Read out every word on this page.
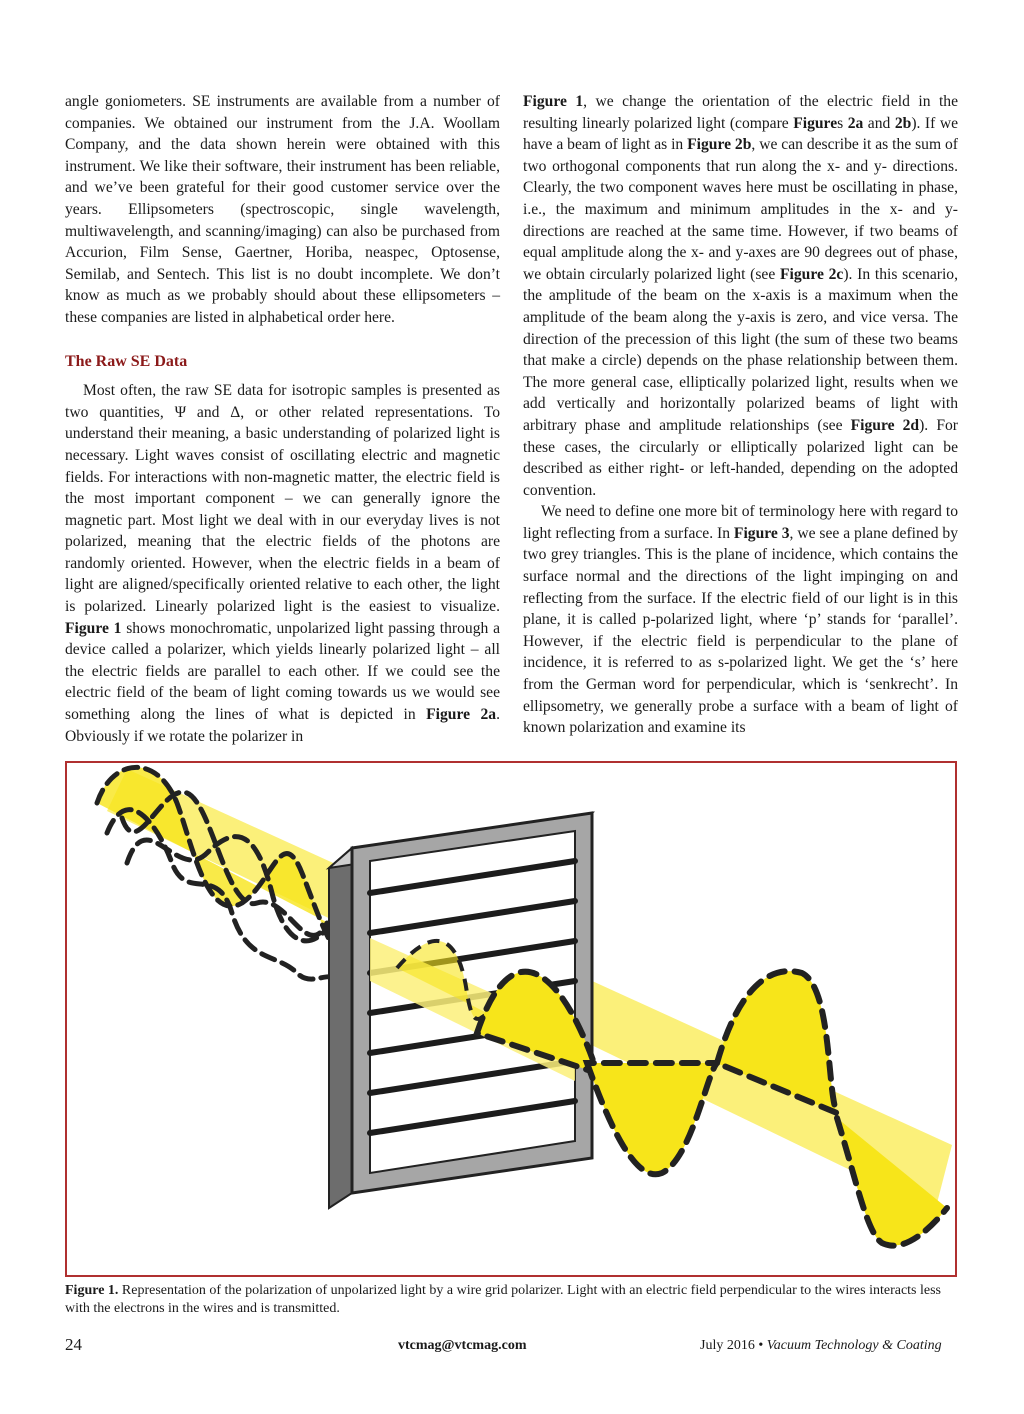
angle goniometers. SE instruments are available from a number of companies. We obtained our instrument from the J.A. Woollam Company, and the data shown herein were obtained with this instrument. We like their software, their instrument has been reliable, and we’ve been grateful for their good customer service over the years. Ellipsometers (spectroscopic, single wavelength, multiwavelength, and scanning/imaging) can also be purchased from Accurion, Film Sense, Gaertner, Horiba, neaspec, Optosense, Semilab, and Sentech. This list is no doubt incomplete. We don’t know as much as we probably should about these ellipsometers – these companies are listed in alphabetical order here.

The Raw SE Data

Most often, the raw SE data for isotropic samples is presented as two quantities, Ψ and Δ, or other related representations. To understand their meaning, a basic understanding of polarized light is necessary. Light waves consist of oscillating electric and magnetic fields. For interactions with non-magnetic matter, the electric field is the most important component – we can generally ignore the magnetic part. Most light we deal with in our everyday lives is not polarized, meaning that the electric fields of the photons are randomly oriented. However, when the electric fields in a beam of light are aligned/specifically oriented relative to each other, the light is polarized. Linearly polarized light is the easiest to visualize. Figure 1 shows monochromatic, unpolarized light passing through a device called a polarizer, which yields linearly polarized light – all the electric fields are parallel to each other. If we could see the electric field of the beam of light coming towards us we would see something along the lines of what is depicted in Figure 2a. Obviously if we rotate the polarizer in

Figure 1, we change the orientation of the electric field in the resulting linearly polarized light (compare Figures 2a and 2b). If we have a beam of light as in Figure 2b, we can describe it as the sum of two orthogonal components that run along the x- and y- directions. Clearly, the two component waves here must be oscillating in phase, i.e., the maximum and minimum amplitudes in the x- and y- directions are reached at the same time. However, if two beams of equal amplitude along the x- and y-axes are 90 degrees out of phase, we obtain circularly polarized light (see Figure 2c). In this scenario, the amplitude of the beam on the x-axis is a maximum when the amplitude of the beam along the y-axis is zero, and vice versa. The direction of the precession of this light (the sum of these two beams that make a circle) depends on the phase relationship between them. The more general case, elliptically polarized light, results when we add vertically and horizontally polarized beams of light with arbitrary phase and amplitude relationships (see Figure 2d). For these cases, the circularly or elliptically polarized light can be described as either right- or left-handed, depending on the adopted convention.

We need to define one more bit of terminology here with regard to light reflecting from a surface. In Figure 3, we see a plane defined by two grey triangles. This is the plane of incidence, which contains the surface normal and the directions of the light impinging on and reflecting from the surface. If the electric field of our light is in this plane, it is called p-polarized light, where ‘p’ stands for ‘parallel’. However, if the electric field is perpendicular to the plane of incidence, it is referred to as s-polarized light. We get the ‘s’ here from the German word for perpendicular, which is ‘senkrecht’. In ellipsometry, we generally probe a surface with a beam of light of known polarization and examine its

Figure 1. Representation of the polarization of unpolarized light by a wire grid polarizer. Light with an electric field perpendicular to the wires interacts less with the electrons in the wires and is transmitted.
24	vtcmag@vtcmag.com	July 2016 • Vacuum Technology & Coating
